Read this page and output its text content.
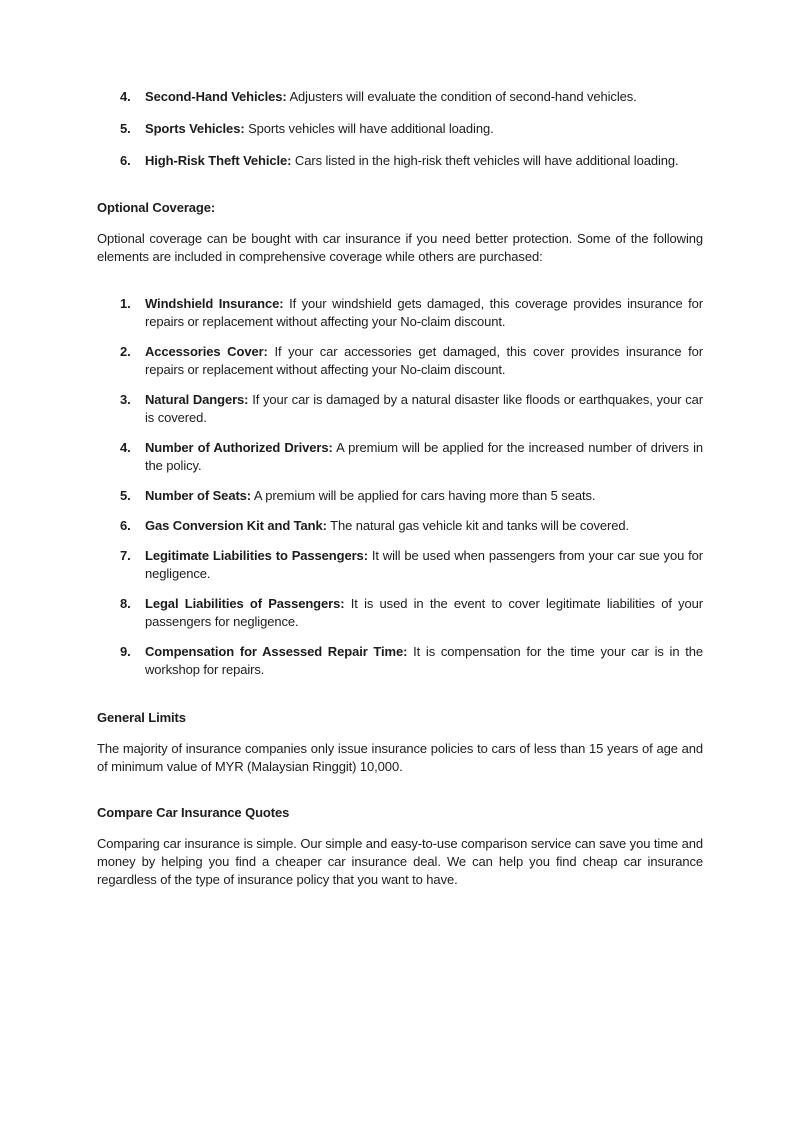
4.	Second-Hand Vehicles: Adjusters will evaluate the condition of second-hand vehicles.
5.	Sports Vehicles: Sports vehicles will have additional loading.
6.	High-Risk Theft Vehicle: Cars listed in the high-risk theft vehicles will have additional loading.
Optional Coverage:

Optional coverage can be bought with car insurance if you need better protection. Some of the following elements are included in comprehensive coverage while others are purchased:

1.	Windshield Insurance: If your windshield gets damaged, this coverage provides insurance for repairs or replacement without affecting your No-claim discount.
2.	Accessories Cover: If your car accessories get damaged, this cover provides insurance for repairs or replacement without affecting your No-claim discount.
3.	Natural Dangers: If your car is damaged by a natural disaster like floods or earthquakes, your car is covered.
4.	Number of Authorized Drivers: A premium will be applied for the increased number of drivers in the policy.
5.	Number of Seats: A premium will be applied for cars having more than 5 seats.
6.	Gas Conversion Kit and Tank: The natural gas vehicle kit and tanks will be covered.
7.	Legitimate Liabilities to Passengers: It will be used when passengers from your car sue you for negligence.
8.	Legal Liabilities of Passengers: It is used in the event to cover legitimate liabilities of your passengers for negligence.
9.	Compensation for Assessed Repair Time: It is compensation for the time your car is in the workshop for repairs.
General Limits

The majority of insurance companies only issue insurance policies to cars of less than 15 years of age and of minimum value of MYR (Malaysian Ringgit) 10,000.

Compare Car Insurance Quotes

Comparing car insurance is simple. Our simple and easy-to-use comparison service can save you time and money by helping you find a cheaper car insurance deal. We can help you find cheap car insurance regardless of the type of insurance policy that you want to have.
